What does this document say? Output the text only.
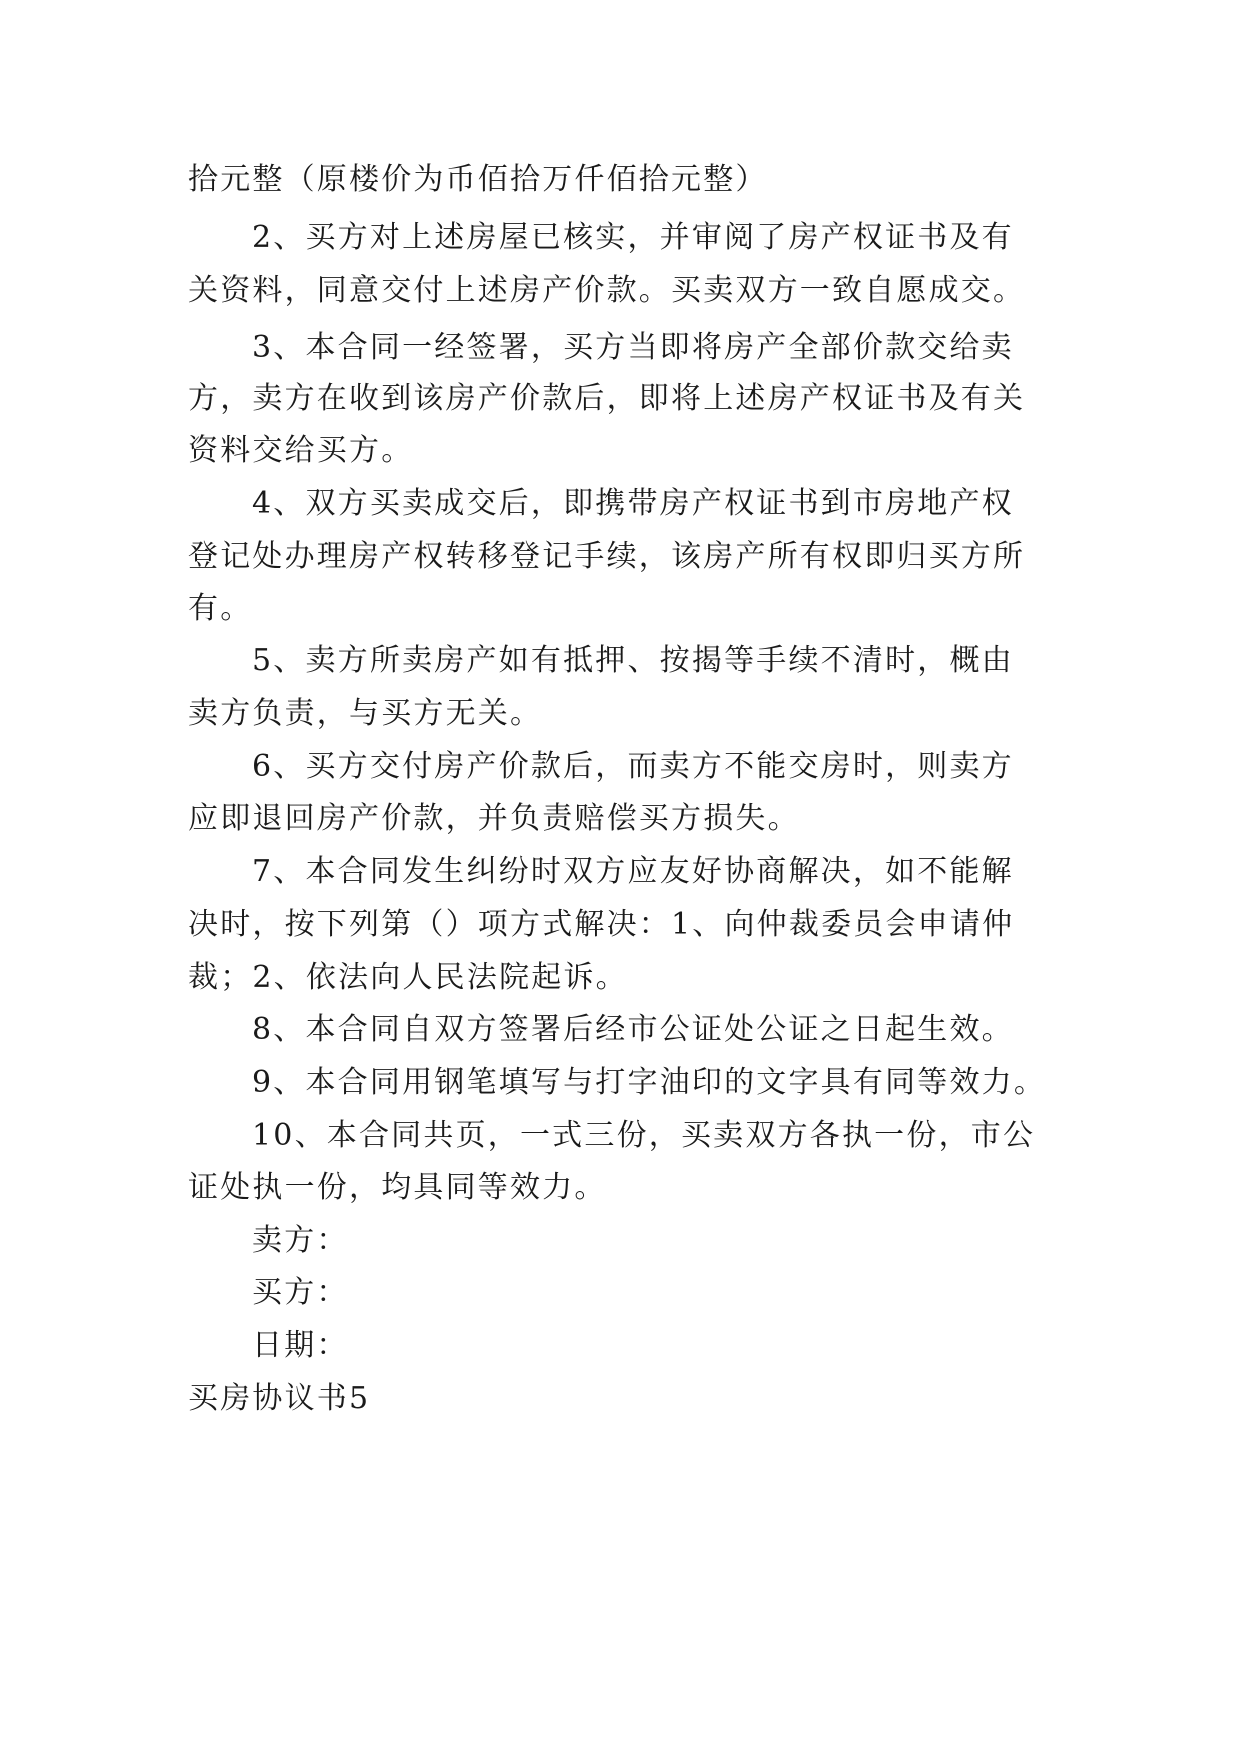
拾元整（原楼价为币佰拾万仟佰拾元整）
2、买方对上述房屋已核实，并审阅了房产权证书及有
关资料，同意交付上述房产价款。买卖双方一致自愿成交。
3、本合同一经签署，买方当即将房产全部价款交给卖
方，卖方在收到该房产价款后，即将上述房产权证书及有关
资料交给买方。
4、双方买卖成交后，即携带房产权证书到市房地产权
登记处办理房产权转移登记手续，该房产所有权即归买方所
有。
5、卖方所卖房产如有抵押、按揭等手续不清时，概由
卖方负责，与买方无关。
6、买方交付房产价款后，而卖方不能交房时，则卖方
应即退回房产价款，并负责赔偿买方损失。
7、本合同发生纠纷时双方应友好协商解决，如不能解
决时，按下列第（）项方式解决：1、向仲裁委员会申请仲
裁；2、依法向人民法院起诉。
8、本合同自双方签署后经市公证处公证之日起生效。
9、本合同用钢笔填写与打字油印的文字具有同等效力。
10、本合同共页，一式三份，买卖双方各执一份，市公
证处执一份，均具同等效力。
卖方：
买方：
日期：
买房协议书5
